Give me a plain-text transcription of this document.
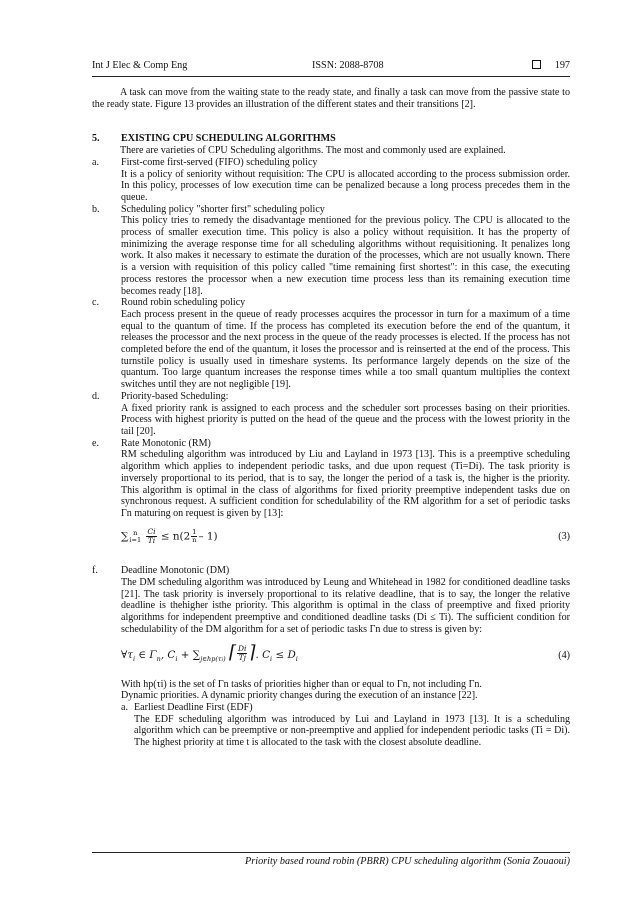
Int J Elec & Comp Eng	ISSN: 2088-8708	197

A task can move from the waiting state to the ready state, and finally a task can move from the passive state to the ready state. Figure 13 provides an illustration of the different states and their transitions [2].

5.	EXISTING CPU SCHEDULING ALGORITHMS

There are varieties of CPU Scheduling algorithms. The most and commonly used are explained.

a.	First-come first-served (FIFO) scheduling policy

It is a policy of seniority without requisition: The CPU is allocated according to the process submission order. In this policy, processes of low execution time can be penalized because a long process precedes them in the queue.

b.	Scheduling policy "shorter first" scheduling policy

This policy tries to remedy the disadvantage mentioned for the previous policy. The CPU is allocated to the process of smaller execution time. This policy is also a policy without requisition. It has the property of minimizing the average response time for all scheduling algorithms without requisitioning. It penalizes long work. It also makes it necessary to estimate the duration of the processes, which are not usually known. There is a version with requisition of this policy called "time remaining first shortest": in this case, the executing process restores the processor when a new execution time process less than its remaining execution time becomes ready [18].

c.	Round robin scheduling policy

Each process present in the queue of ready processes acquires the processor in turn for a maximum of a time equal to the quantum of time. If the process has completed its execution before the end of the quantum, it releases the processor and the next process in the queue of the ready processes is elected. If the process has not completed before the end of the quantum, it loses the processor and is reinserted at the end of the process. This turnstile policy is usually used in timeshare systems. Its performance largely depends on the size of the quantum. Too large quantum increases the response times while a too small quantum multiplies the context switches until they are not negligible [19].

d.	Priority-based Scheduling:

A fixed priority rank is assigned to each process and the scheduler sort processes basing on their priorities. Process with highest priority is putted on the head of the queue and the process with the lowest priority in the tail [20].

e.	Rate Monotonic (RM)

RM scheduling algorithm was introduced by Liu and Layland in 1973 [13]. This is a preemptive scheduling algorithm which applies to independent periodic tasks, and due upon request (Ti=Di). The task priority is inversely proportional to its period, that is to say, the longer the period of a task is, the higher is the priority. This algorithm is optimal in the class of algorithms for fixed priority preemptive independent tasks due on synchronous request. A sufficient condition for schedulability of the RM algorithm for a set of periodic tasks Γn maturing on request is given by [13]:

∑ n
i=1
$\frac{Ci}{Ti} \le n(2 \frac{1}{n} - 1)$	(3)
f.	Deadline Monotonic (DM)

The DM scheduling algorithm was introduced by Leung and Whitehead in 1982 for conditioned deadline tasks [21]. The task priority is inversely proportional to its relative deadline, that is to say, the longer the relative deadline is thehigher isthe priority. This algorithm is optimal in the class of preemptive and fixed priority algorithms for independent preemptive and conditioned deadline tasks (Di ≤ Ti). The sufficient condition for schedulability of the DM algorithm for a set of periodic tasks Γn due to stress is given by:

$\forall\tau_i$ ∈ $\Gamma_n$, $C_i + \sum_{j\in hp(\tau i)}$ ⌈ $\frac{Di}{Tj}$ ⌉ . $C_i \le D_i$	(4)

With hp(τi) is the set of Γn tasks of priorities higher than or equal to Γn, not including Γn.

Dynamic priorities. A dynamic priority changes during the execution of an instance [22].

a. Earliest Deadline First (EDF)
The EDF scheduling algorithm was introduced by Lui and Layland in 1973 [13]. It is a scheduling algorithm which can be preemptive or non-preemptive and applied for independent periodic tasks (Ti = Di). The highest priority at time t is allocated to the task with the closest absolute deadline.
Priority based round robin (PBRR) CPU scheduling algorithm (Sonia Zouaoui)
